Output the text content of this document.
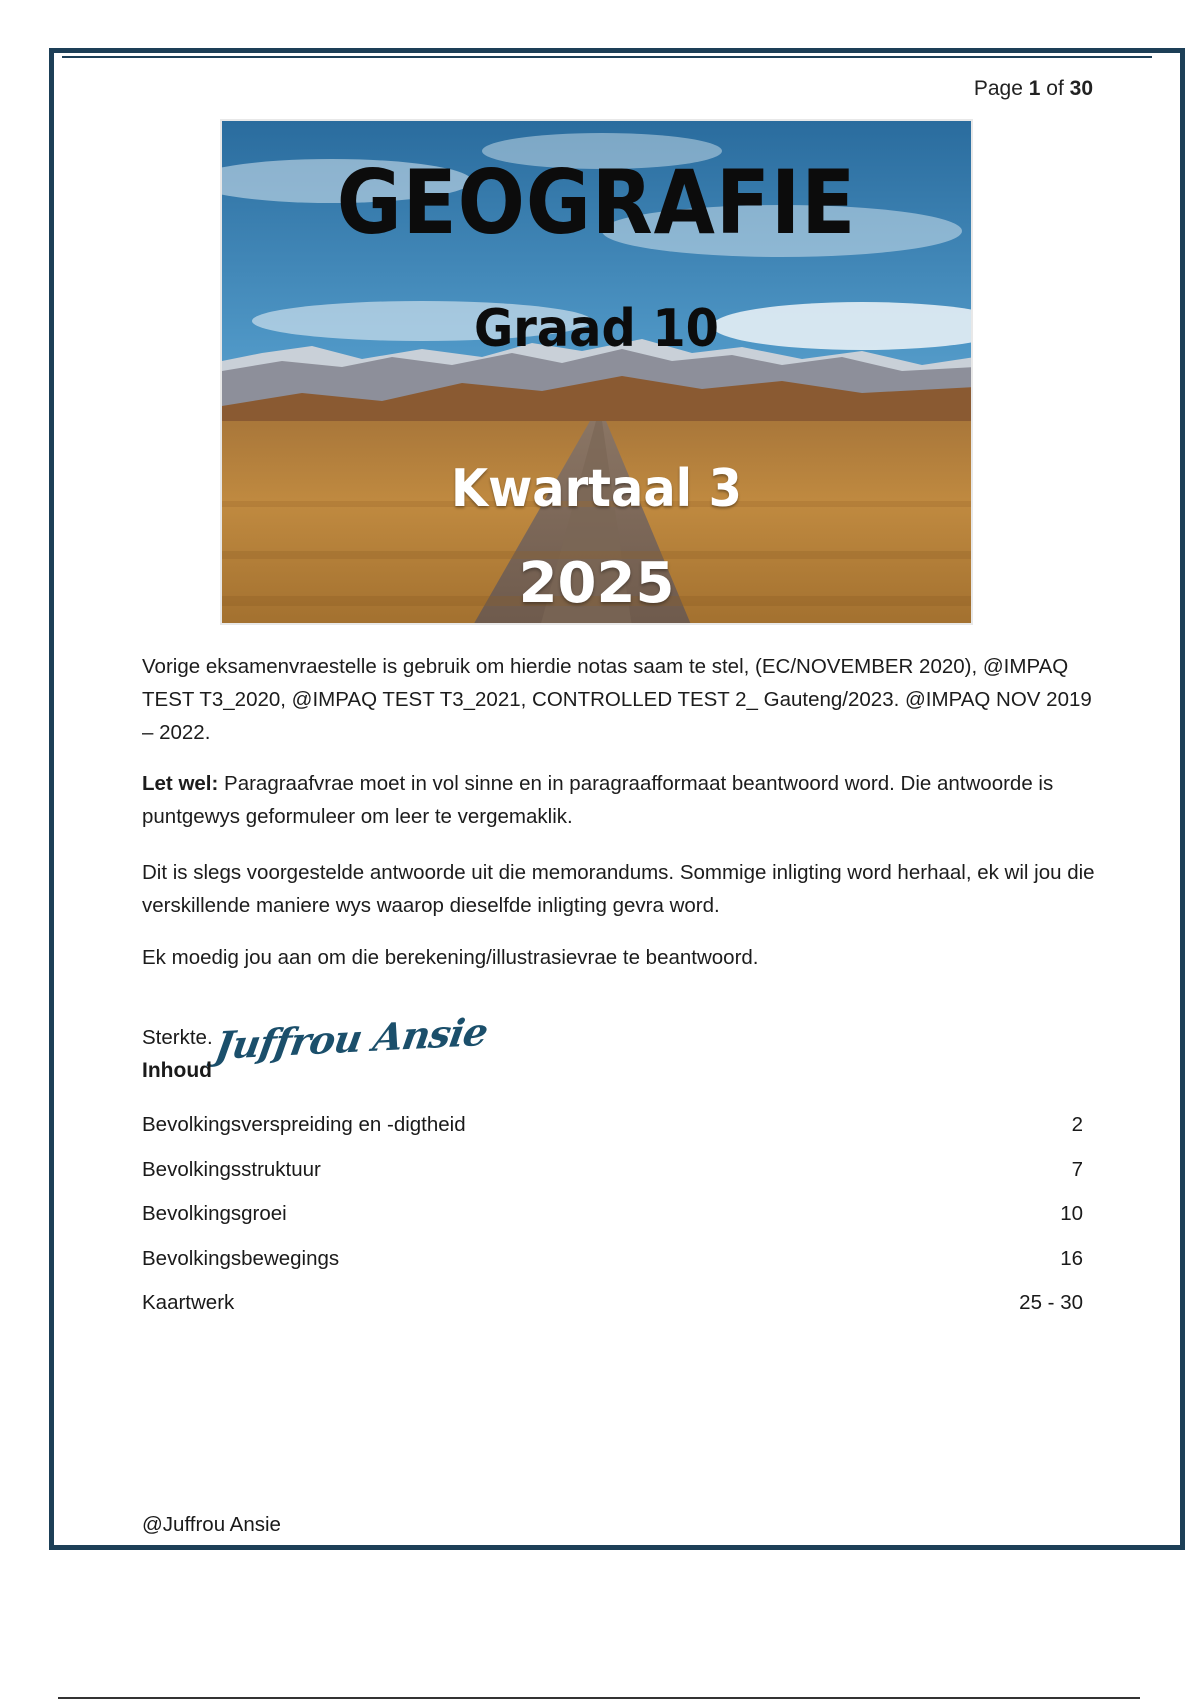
Page 1 of 30
GEOGRAFIE
Graad 10
Kwartaal 3
2025

Vorige eksamenvraestelle is gebruik om hierdie notas saam te stel, (EC/NOVEMBER 2020), @IMPAQ TEST T3_2020, @IMPAQ TEST T3_2021, CONTROLLED TEST 2_ Gauteng/2023. @IMPAQ NOV 2019 – 2022.

Let wel: Paragraafvrae moet in vol sinne en in paragraafformaat beantwoord word. Die antwoorde is puntgewys geformuleer om leer te vergemaklik.

Dit is slegs voorgestelde antwoorde uit die memorandums. Sommige inligting word herhaal, ek wil jou die verskillende maniere wys waarop dieselfde inligting gevra word.

Ek moedig jou aan om die berekening/illustrasievrae te beantwoord.

Sterkte. Juffrou Ansie
Inhoud
Bevolkingsverspreiding en -digtheid	2
Bevolkingsstruktuur	7
Bevolkingsgroei	10
Bevolkingsbewegings	16
Kaartwerk	25 - 30
@Juffrou Ansie
